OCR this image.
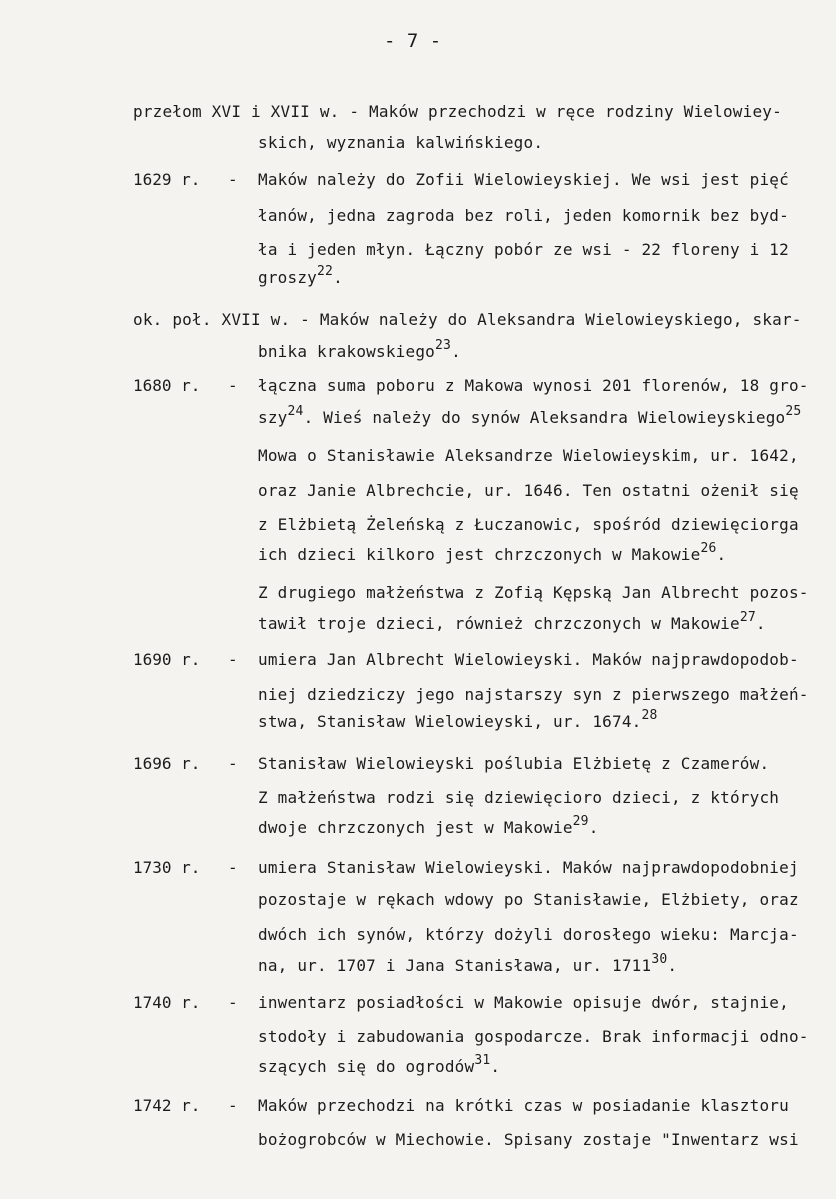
- 7 -
przełom XVI i XVII w. - Maków przechodzi w ręce rodziny Wielowiey-
skich, wyznania kalwińskiego.
1629 r. - Maków należy do Zofii Wielowieyskiej. We wsi jest pięć
łanów, jedna zagroda bez roli, jeden komornik bez byd-
ła i jeden młyn. Łączny pobór ze wsi - 22 floreny i 12
groszy$^{22}$.
ok. poł. XVII w. - Maków należy do Aleksandra Wielowieyskiego, skar-
bnika krakowskiego$^{23}$.
1680 r. - łączna suma poboru z Makowa wynosi 201 florenów, 18 gro-
szy$^{24}$. Wieś należy do synów Aleksandra Wielowieyskiego$^{25}$
Mowa o Stanisławie Aleksandrze Wielowieyskim, ur. 1642,
oraz Janie Albrechcie, ur. 1646. Ten ostatni ożenił się
z Elżbietą Żeleńską z Łuczanowic, spośród dziewięciorga
ich dzieci kilkoro jest chrzczonych w Makowie$^{26}$.
Z drugiego małżeństwa z Zofią Kępską Jan Albrecht pozos-
tawił troje dzieci, również chrzczonych w Makowie$^{27}$.
1690 r. - umiera Jan Albrecht Wielowieyski. Maków najprawdopodob-
niej dziedziczy jego najstarszy syn z pierwszego małżeń-
stwa, Stanisław Wielowieyski, ur. 1674.28
1696 r. - Stanisław Wielowieyski poślubia Elżbietę z Czamerów.
Z małżeństwa rodzi się dziewięcioro dzieci, z których
dwoje chrzczonych jest w Makowie$^{29}$.
1730 r. - umiera Stanisław Wielowieyski. Maków najprawdopodobniej
pozostaje w rękach wdowy po Stanisławie, Elżbiety, oraz
dwóch ich synów, którzy dożyli dorosłego wieku: Marcja-
na, ur. 1707 i Jana Stanisława, ur. 1711$^{30}$.
1740 r. - inwentarz posiadłości w Makowie opisuje dwór, stajnie,
stodoły i zabudowania gospodarcze. Brak informacji odno-
szących się do ogrodów$^{31}$.
1742 r. - Maków przechodzi na krótki czas w posiadanie klasztoru
bożogrobców w Miechowie. Spisany zostaje "Inwentarz wsi
